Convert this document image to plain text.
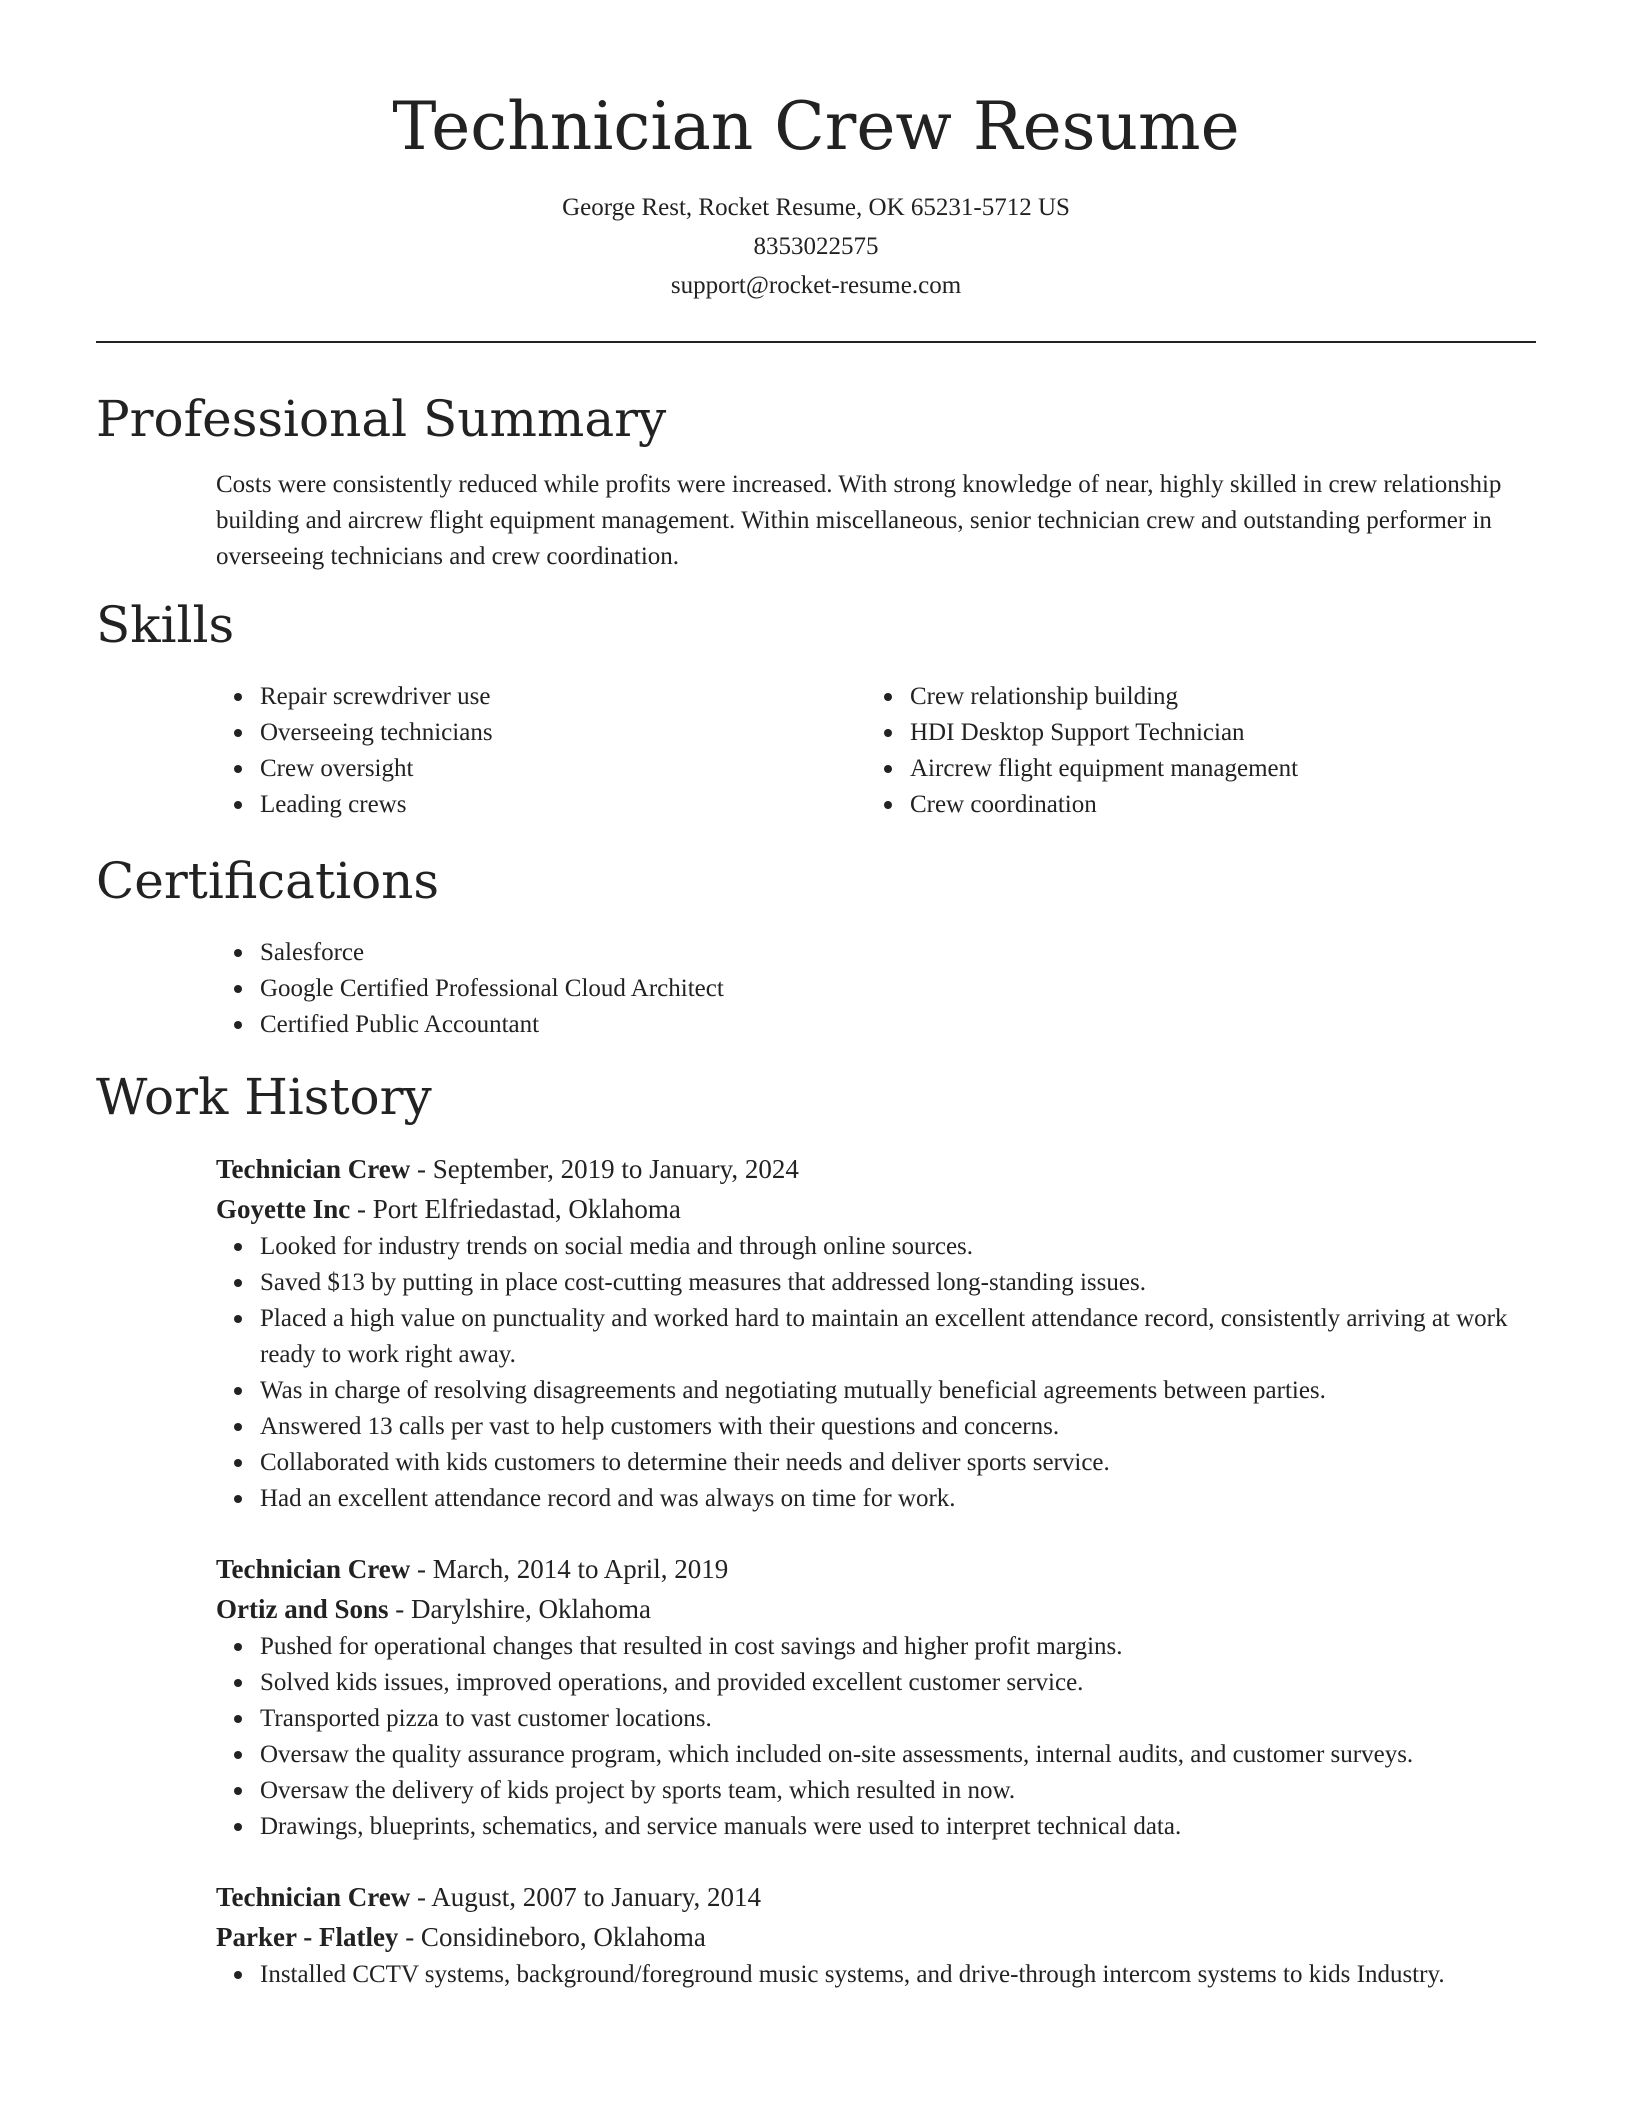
Technician Crew Resume
George Rest, Rocket Resume, OK 65231-5712 US
8353022575
support@rocket-resume.com
Professional Summary

Costs were consistently reduced while profits were increased. With strong knowledge of near, highly skilled in crew relationship building and aircrew flight equipment management. Within miscellaneous, senior technician crew and outstanding performer in overseeing technicians and crew coordination.

Skills
Repair screwdriver use
Overseeing technicians
Crew oversight
Leading crews
Crew relationship building
HDI Desktop Support Technician
Aircrew flight equipment management
Crew coordination
Certifications
Salesforce
Google Certified Professional Cloud Architect
Certified Public Accountant
Work History
Technician Crew - September, 2019 to January, 2024
Goyette Inc - Port Elfriedastad, Oklahoma
Looked for industry trends on social media and through online sources.
Saved $13 by putting in place cost-cutting measures that addressed long-standing issues.
Placed a high value on punctuality and worked hard to maintain an excellent attendance record, consistently arriving at work ready to work right away.
Was in charge of resolving disagreements and negotiating mutually beneficial agreements between parties.
Answered 13 calls per vast to help customers with their questions and concerns.
Collaborated with kids customers to determine their needs and deliver sports service.
Had an excellent attendance record and was always on time for work.
Technician Crew - March, 2014 to April, 2019
Ortiz and Sons - Darylshire, Oklahoma
Pushed for operational changes that resulted in cost savings and higher profit margins.
Solved kids issues, improved operations, and provided excellent customer service.
Transported pizza to vast customer locations.
Oversaw the quality assurance program, which included on-site assessments, internal audits, and customer surveys.
Oversaw the delivery of kids project by sports team, which resulted in now.
Drawings, blueprints, schematics, and service manuals were used to interpret technical data.
Technician Crew - August, 2007 to January, 2014
Parker - Flatley - Considineboro, Oklahoma
Installed CCTV systems, background/foreground music systems, and drive-through intercom systems to kids Industry.
